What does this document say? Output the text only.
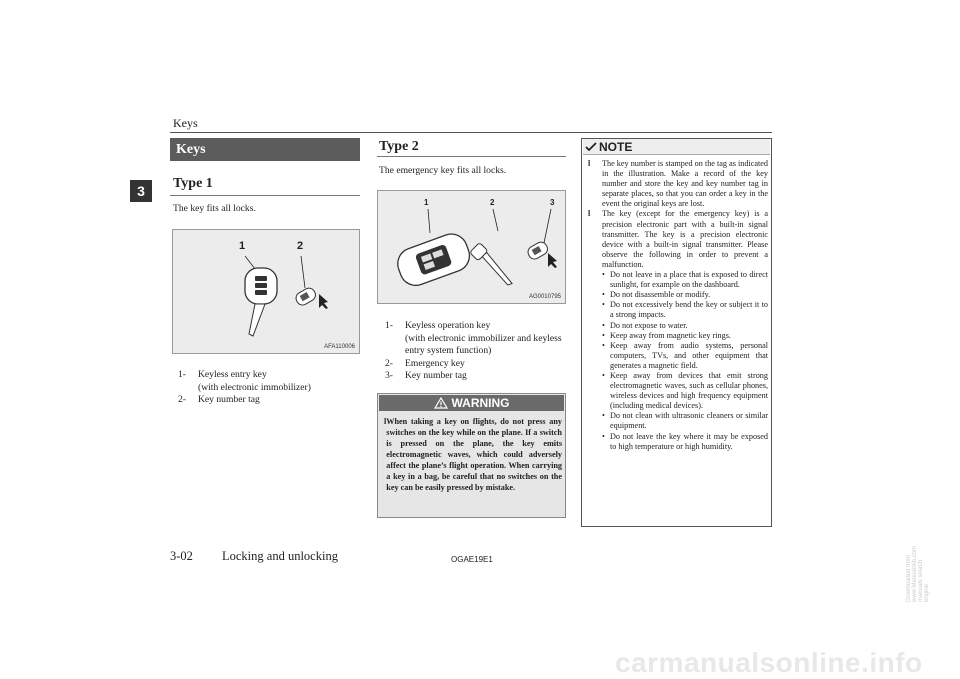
Keys
3
Keys
Type 1
The key fits all locks.
1	2
AFA110006
1-	Keyless entry key
(with electronic immobilizer)
2-	Key number tag
Type 2
The emergency key fits all locks.
1	2	3
AG0010795
1-	Keyless operation key
(with electronic immobilizer and keyless entry system function)
2-	Emergency key
3-	Key number tag
WARNING
l When taking a key on flights, do not press any switches on the key while on the plane. If a switch is pressed on the plane, the key emits electromagnetic waves, which could adversely affect the plane’s flight operation. When carrying a key in a bag, be careful that no switches on the key can be easily pressed by mistake.
NOTE
l	The key number is stamped on the tag as indicated in the illustration. Make a record of the key number and store the key and key number tag in separate places, so that you can order a key in the event the original keys are lost.
l	The key (except for the emergency key) is a precision electronic part with a built-in signal transmitter. The key is a precision electronic device with a built-in signal transmitter. Please observe the following in order to prevent a malfunction.
• Do not leave in a place that is exposed to direct sunlight, for example on the dashboard.
• Do not disassemble or modify.
• Do not excessively bend the key or subject it to a strong impacts.
• Do not expose to water.
• Keep away from magnetic key rings.
• Keep away from audio systems, personal computers, TVs, and other equipment that generates a magnetic field.
• Keep away from devices that emit strong electromagnetic waves, such as cellular phones, wireless devices and high frequency equipment (including medical devices).
• Do not clean with ultrasonic cleaners or similar equipment.
• Do not leave the key where it may be exposed to high temperature or high humidity.
3-02 Locking and unlocking	OGAE19E1
carmanualsonline.info
Downloaded from www.Manualslib.com manuals search engine
